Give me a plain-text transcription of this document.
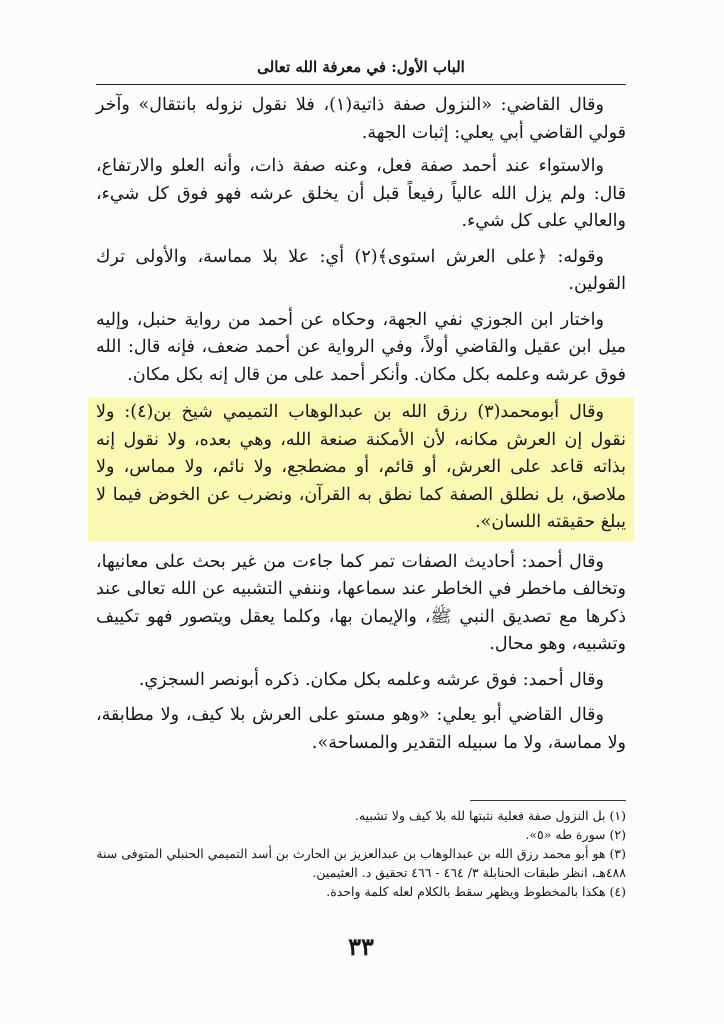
الباب الأول: في معرفة الله تعالى

وقال القاضي: «النزول صفة ذاتية(١)، فلا نقول نزوله بانتقال» وآخر قولي القاضي أبي يعلي: إثبات الجهة.

والاستواء عند أحمد صفة فعل، وعنه صفة ذات، وأنه العلو والارتفاع، قال: ولم يزل الله عالياً رفيعاً قبل أن يخلق عرشه فهو فوق كل شيء، والعالي على كل شيء.

وقوله: ﴿على العرش استوى﴾(٢) أي: علا بلا مماسة، والأولى ترك القولين.

واختار ابن الجوزي نفي الجهة، وحكاه عن أحمد من رواية حنبل، وإليه ميل ابن عقيل والقاضي أولاً، وفي الرواية عن أحمد ضعف، فإنه قال: الله فوق عرشه وعلمه بكل مكان. وأنكر أحمد على من قال إنه بكل مكان.

وقال أبومحمد(٣) رزق الله بن عبدالوهاب التميمي شيخ بن(٤): ولا نقول إن العرش مكانه، لأن الأمكنة صنعة الله، وهي بعده، ولا نقول إنه بذاته قاعد على العرش، أو قائم، أو مضطجع، ولا نائم، ولا مماس، ولا ملاصق، بل نطلق الصفة كما نطق به القرآن، ونضرب عن الخوض فيما لا يبلغ حقيقته اللسان».

وقال أحمد: أحاديث الصفات تمر كما جاءت من غير بحث على معانيها، وتخالف ماخطر في الخاطر عند سماعها، وننفي التشبيه عن الله تعالى عند ذكرها مع تصديق النبي ﷺ، والإيمان بها، وكلما يعقل ويتصور فهو تكييف وتشبيه، وهو محال.

وقال أحمد: فوق عرشه وعلمه بكل مكان. ذكره أبونصر السجزي.

وقال القاضي أبو يعلي: «وهو مستو على العرش بلا كيف، ولا مطابقة، ولا مماسة، ولا ما سبيله التقدير والمساحة».

(١) بل النزول صفة فعلية نثبتها لله بلا كيف ولا تشبيه.

(٢) سورة طه «٥».

(٣) هو أبو محمد رزق الله بن عبدالوهاب بن عبدالعزيز بن الحارث بن أسد التميمي الحنبلي المتوفى سنة ٤٨٨هـ، انظر طبقات الحنابلة ٣/ ٤٦٤ - ٤٦٦ تحقيق د. العثيمين.

(٤) هكذا بالمخطوط ويظهر سقط بالكلام لعله كلمة واحدة.

٣٣
